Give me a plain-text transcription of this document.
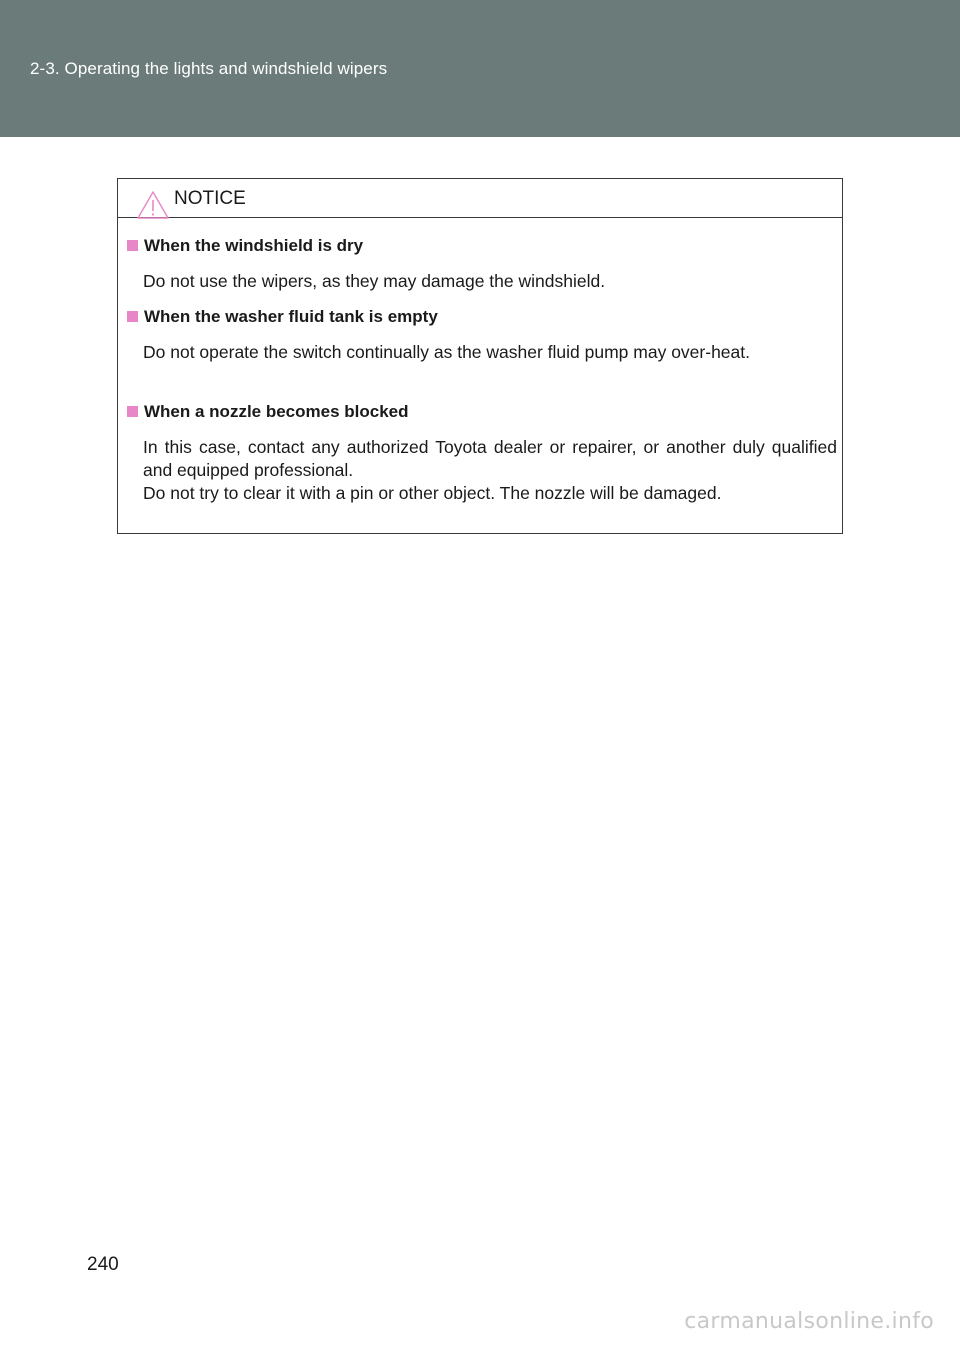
2-3. Operating the lights and windshield wipers
NOTICE
When the windshield is dry

Do not use the wipers, as they may damage the windshield.

When the washer fluid tank is empty

Do not operate the switch continually as the washer fluid pump may over-heat.

When a nozzle becomes blocked

In this case, contact any authorized Toyota dealer or repairer, or another duly qualified and equipped professional.

Do not try to clear it with a pin or other object. The nozzle will be damaged.

240
carmanualsonline.info
